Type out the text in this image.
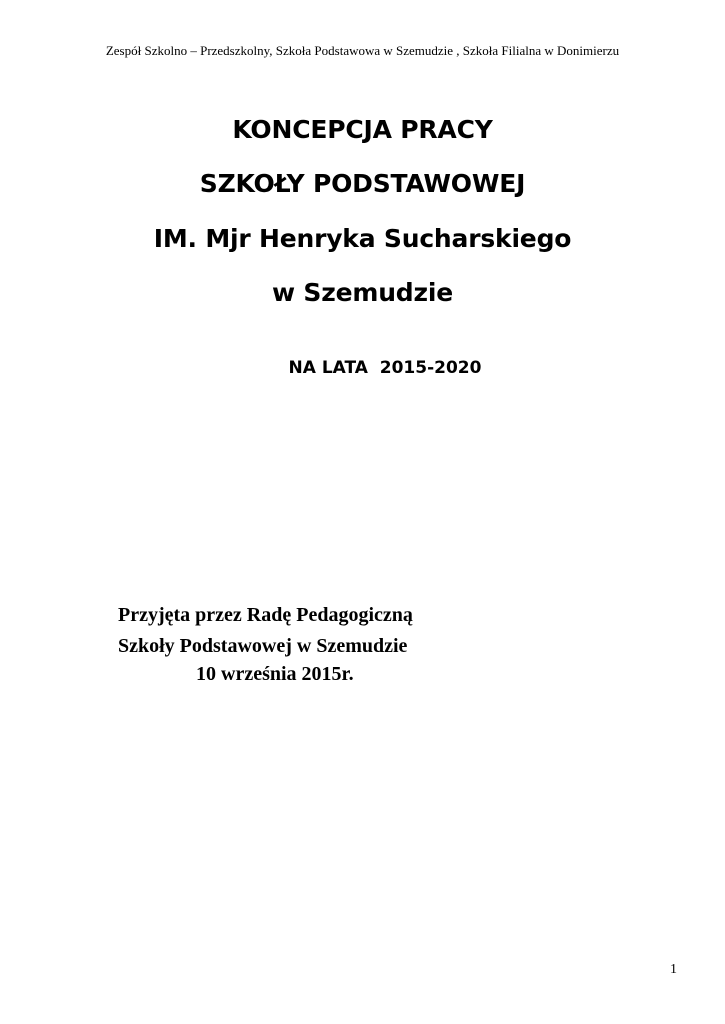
Zespół Szkolno – Przedszkolny, Szkoła Podstawowa w Szemudzie , Szkoła Filialna w Donimierzu
KONCEPCJA PRACY
SZKOŁY PODSTAWOWEJ
IM. Mjr Henryka Sucharskiego
w Szemudzie
NA LATA  2015-2020
Przyjęta przez Radę Pedagogiczną
Szkoły Podstawowej w Szemudzie
10 września 2015r.
1
